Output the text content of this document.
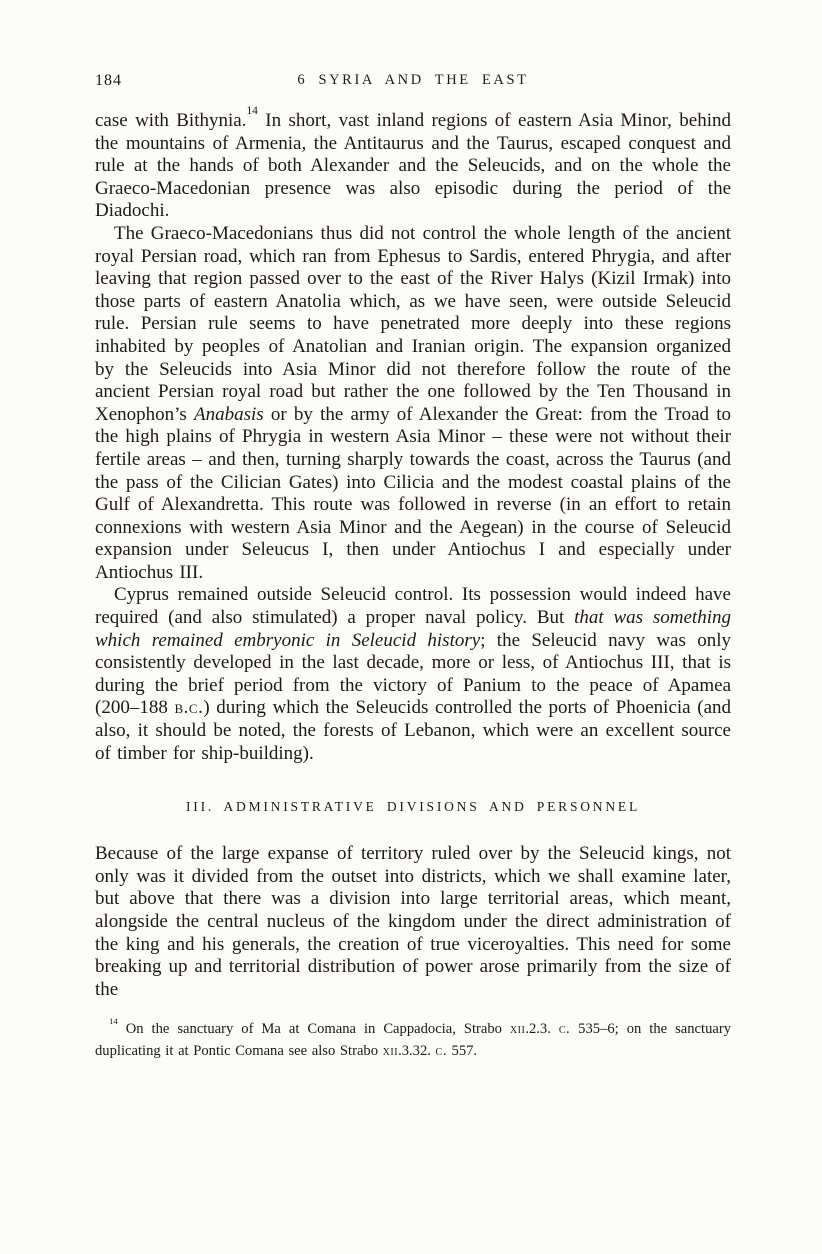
184	6 SYRIA AND THE EAST

case with Bithynia.$^{14}$ In short, vast inland regions of eastern Asia Minor, behind the mountains of Armenia, the Antitaurus and the Taurus, escaped conquest and rule at the hands of both Alexander and the Seleucids, and on the whole the Graeco-Macedonian presence was also episodic during the period of the Diadochi.

The Graeco-Macedonians thus did not control the whole length of the ancient royal Persian road, which ran from Ephesus to Sardis, entered Phrygia, and after leaving that region passed over to the east of the River Halys (Kizil Irmak) into those parts of eastern Anatolia which, as we have seen, were outside Seleucid rule. Persian rule seems to have penetrated more deeply into these regions inhabited by peoples of Anatolian and Iranian origin. The expansion organized by the Seleucids into Asia Minor did not therefore follow the route of the ancient Persian royal road but rather the one followed by the Ten Thousand in Xenophon’s Anabasis or by the army of Alexander the Great: from the Troad to the high plains of Phrygia in western Asia Minor – these were not without their fertile areas – and then, turning sharply towards the coast, across the Taurus (and the pass of the Cilician Gates) into Cilicia and the modest coastal plains of the Gulf of Alexandretta. This route was followed in reverse (in an effort to retain connexions with western Asia Minor and the Aegean) in the course of Seleucid expansion under Seleucus I, then under Antiochus I and especially under Antiochus III.

Cyprus remained outside Seleucid control. Its possession would indeed have required (and also stimulated) a proper naval policy. But that was something which remained embryonic in Seleucid history; the Seleucid navy was only consistently developed in the last decade, more or less, of Antiochus III, that is during the brief period from the victory of Panium to the peace of Apamea (200–188 b.c.) during which the Seleucids controlled the ports of Phoenicia (and also, it should be noted, the forests of Lebanon, which were an excellent source of timber for ship-building).

III. ADMINISTRATIVE DIVISIONS AND PERSONNEL

Because of the large expanse of territory ruled over by the Seleucid kings, not only was it divided from the outset into districts, which we shall examine later, but above that there was a division into large territorial areas, which meant, alongside the central nucleus of the kingdom under the direct administration of the king and his generals, the creation of true viceroyalties. This need for some breaking up and territorial distribution of power arose primarily from the size of the

$^{14}$ On the sanctuary of Ma at Comana in Cappadocia, Strabo xii.2.3. c. 535–6; on the sanctuary duplicating it at Pontic Comana see also Strabo xii.3.32. c. 557.
